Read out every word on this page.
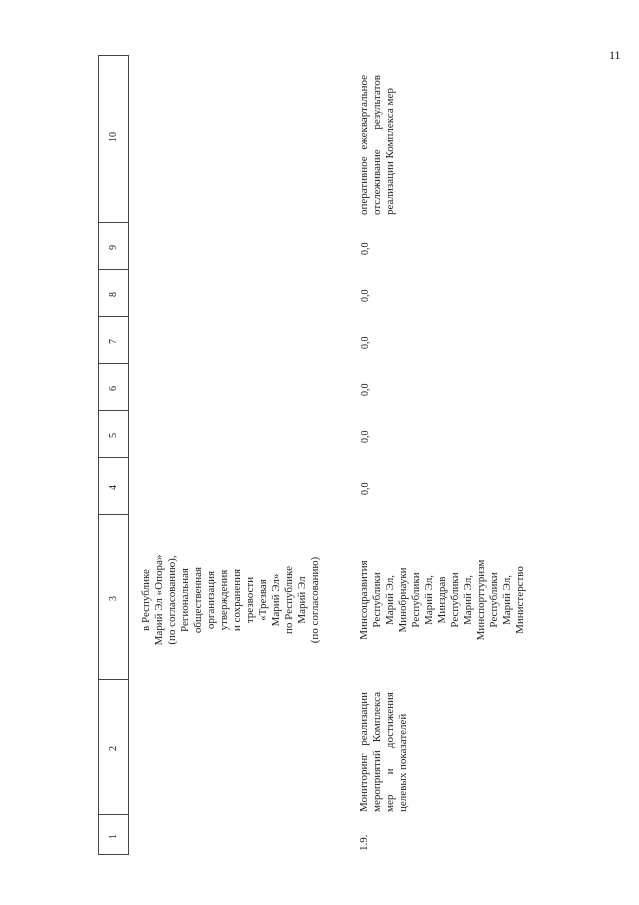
11
1
2
3
4
5
6
7
8
9
10
в Республике
Марий Эл «Опора»
(по согласованию),
Региональная
общественная
организация
утверждения
и сохранения
трезвости
«Трезвая
Марий Эл»
по Республике
Марий Эл
(по согласованию)
1.9.
Мониторинг реализации мероприятий Комплекса мер и достижения целевых показателей
Минсоцразвития
Республики
Марий Эл,
Минобрнауки
Республики
Марий Эл,
Минздрав
Республики
Марий Эл,
Минспорттуризм
Республики
Марий Эл,
Министерство
0,0
0,0
0,0
0,0
0,0
0,0
оперативное ежеквартальное отслеживание результатов реализации Комплекса мер
